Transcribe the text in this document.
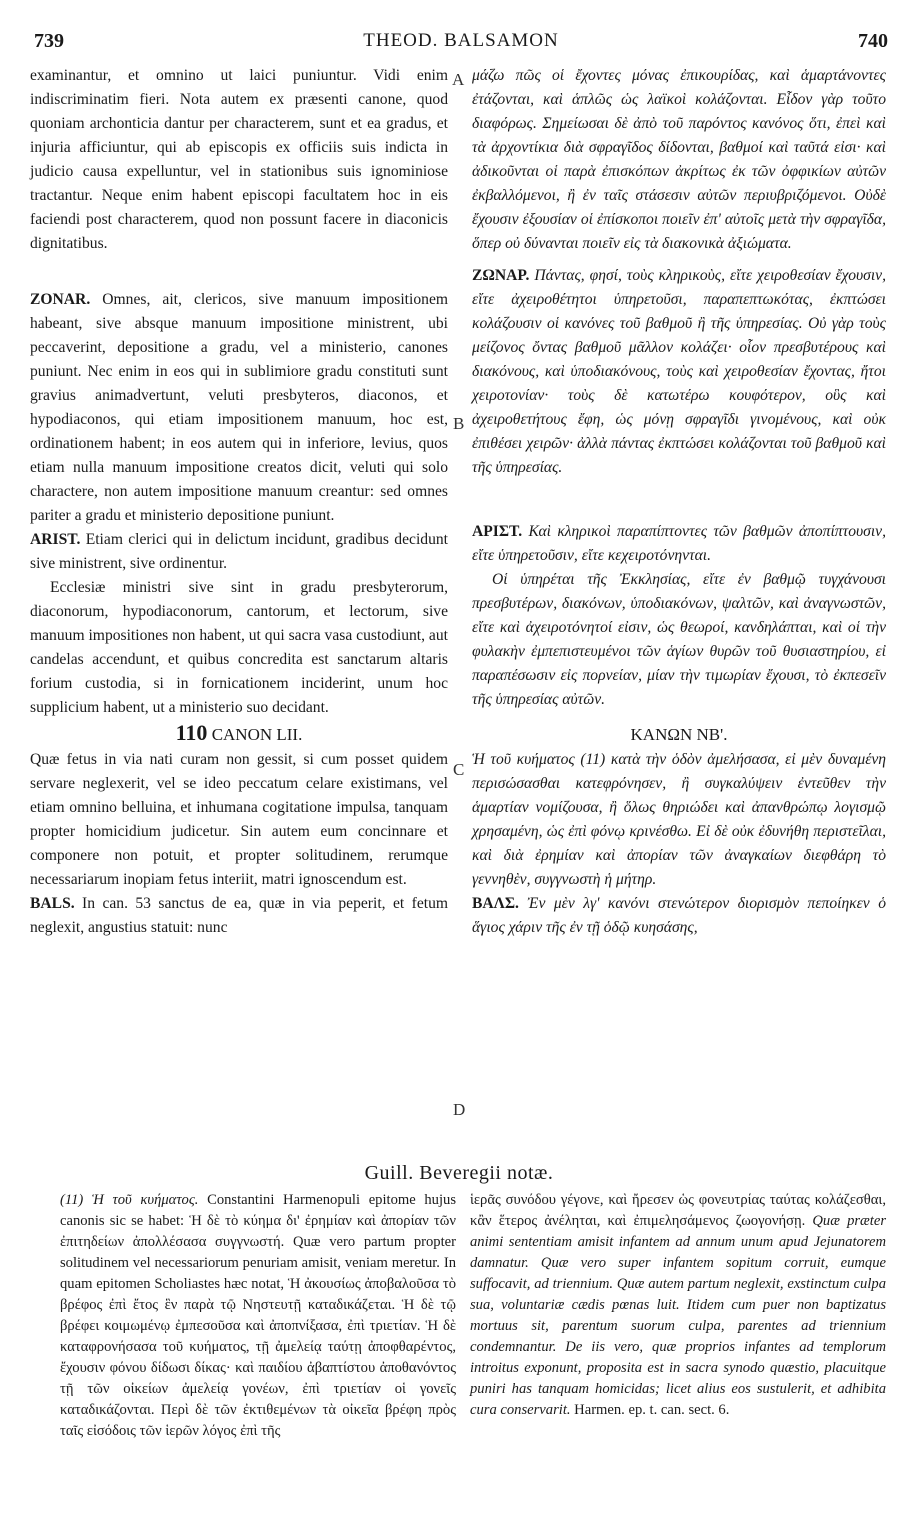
739	THEOD. BALSAMON	740
A
B
C
D

examinantur, et omnino ut laici puniuntur. Vidi enim indiscriminatim fieri. Nota autem ex præsenti canone, quod quoniam archonticia dantur per characterem, sunt et ea gradus, et injuria afficiuntur, qui ab episcopis ex officiis suis indicta in judicio causa expelluntur, vel in stationibus suis ignominiose tractantur. Neque enim habent episcopi facultatem hoc in eis faciendi post characterem, quod non possunt facere in diaconicis dignitatibus.

ZONAR. Omnes, ait, clericos, sive manuum impositionem habeant, sive absque manuum impositione ministrent, ubi peccaverint, depositione a gradu, vel a ministerio, canones puniunt. Nec enim in eos qui in sublimiore gradu constituti sunt gravius animadvertunt, veluti presbyteros, diaconos, et hypodiaconos, qui etiam impositionem manuum, hoc est, ordinationem habent; in eos autem qui in inferiore, levius, quos etiam nulla manuum impositione creatos dicit, veluti qui solo charactere, non autem impositione manuum creantur: sed omnes pariter a gradu et ministerio depositione puniunt.

ARIST. Etiam clerici qui in delictum incidunt, gradibus decidunt sive ministrent, sive ordinentur.

Ecclesiæ ministri sive sint in gradu presbyterorum, diaconorum, hypodiaconorum, cantorum, et lectorum, sive manuum impositiones non habent, ut qui sacra vasa custodiunt, aut candelas accendunt, et quibus concredita est sanctarum altaris forium custodia, si in fornicationem inciderint, unum hoc supplicium habent, ut a ministerio suo decidant.

110 CANON LII.

Quæ fetus in via nati curam non gessit, si cum posset quidem servare neglexerit, vel se ideo peccatum celare existimans, vel etiam omnino belluina, et inhumana cogitatione impulsa, tanquam propter homicidium judicetur. Sin autem eum concinnare et componere non potuit, et propter solitudinem, rerumque necessariarum inopiam fetus interiit, matri ignoscendum est.

BALS. In can. 53 sanctus de ea, quæ in via peperit, et fetum neglexit, angustius statuit: nunc

μάζω πῶς οἱ ἔχοντες μόνας ἐπικουρίδας, καὶ ἁμαρτάνοντες ἐτάζονται, καὶ ἁπλῶς ὡς λαϊκοὶ κολάζονται. Εἶδον γὰρ τοῦτο διαφόρως. Σημείωσαι δὲ ἀπὸ τοῦ παρόντος κανόνος ὅτι, ἐπεὶ καὶ τὰ ἀρχοντίκια διὰ σφραγῖδος δίδονται, βαθμοί καὶ ταῦτά εἰσι· καὶ ἀδικοῦνται οἱ παρὰ ἐπισκόπων ἀκρίτως ἐκ τῶν ὀφφικίων αὐτῶν ἐκβαλλόμενοι, ἢ ἐν ταῖς στάσεσιν αὐτῶν περιυβριζόμενοι. Οὐδὲ ἔχουσιν ἐξουσίαν οἱ ἐπίσκοποι ποιεῖν ἐπ' αὐτοῖς μετὰ τὴν σφραγῖδα, ὅπερ οὐ δύνανται ποιεῖν εἰς τὰ διακονικὰ ἀξιώματα.

ΖΩΝΑΡ. Πάντας, φησί, τοὺς κληρικοὺς, εἴτε χειροθεσίαν ἔχουσιν, εἴτε ἀχειροθέτητοι ὑπηρετοῦσι, παραπεπτωκότας, ἐκπτώσει κολάζουσιν οἱ κανόνες τοῦ βαθμοῦ ἢ τῆς ὑπηρεσίας. Οὐ γὰρ τοὺς μείζονος ὄντας βαθμοῦ μᾶλλον κολάζει· οἷον πρεσβυτέρους καὶ διακόνους, καὶ ὑποδιακόνους, τοὺς καὶ χειροθεσίαν ἔχοντας, ἤτοι χειροτονίαν· τοὺς δὲ κατωτέρω κουφότερον, οὓς καὶ ἀχειροθετήτους ἔφη, ὡς μόνῃ σφραγῖδι γινομένους, καὶ οὐκ ἐπιθέσει χειρῶν· ἀλλὰ πάντας ἐκπτώσει κολάζονται τοῦ βαθμοῦ καὶ τῆς ὑπηρεσίας.

ΑΡΙΣΤ. Καὶ κληρικοὶ παραπίπτοντες τῶν βαθμῶν ἀποπίπτουσιν, εἴτε ὑπηρετοῦσιν, εἴτε κεχειροτόνηνται.

Οἱ ὑπηρέται τῆς Ἐκκλησίας, εἴτε ἐν βαθμῷ τυγχάνουσι πρεσβυτέρων, διακόνων, ὑποδιακόνων, ψαλτῶν, καὶ ἀναγνωστῶν, εἴτε καὶ ἀχειροτόνητοί εἰσιν, ὡς θεωροί, κανδηλάπται, καὶ οἱ τὴν φυλακὴν ἐμπεπιστευμένοι τῶν ἁγίων θυρῶν τοῦ θυσιαστηρίου, εἰ παραπέσωσιν εἰς πορνείαν, μίαν τὴν τιμωρίαν ἔχουσι, τὸ ἐκπεσεῖν τῆς ὑπηρεσίας αὐτῶν.

ΚΑΝΩΝ ΝΒ'.

Ἡ τοῦ κυήματος (11) κατὰ τὴν ὁδὸν ἀμελήσασα, εἰ μὲν δυναμένη περισώσασθαι κατεφρόνησεν, ἢ συγκαλύψειν ἐντεῦθεν τὴν ἁμαρτίαν νομίζουσα, ἢ ὅλως θηριώδει καὶ ἀπανθρώπῳ λογισμῷ χρησαμένη, ὡς ἐπὶ φόνῳ κρινέσθω. Εἰ δὲ οὐκ ἐδυνήθη περιστεῖλαι, καὶ διὰ ἐρημίαν καὶ ἀπορίαν τῶν ἀναγκαίων διεφθάρη τὸ γεννηθὲν, συγγνωστὴ ἡ μήτηρ.

ΒΑΛΣ. Ἐν μὲν λγ' κανόνι στενώτερον διορισμὸν πεποίηκεν ὁ ἅγιος χάριν τῆς ἐν τῇ ὁδῷ κυησάσης,

Guill. Beveregii notæ.

(11) Ἡ τοῦ κυήματος. Constantini Harmenopuli epitome hujus canonis sic se habet: Ἡ δὲ τὸ κύημα δι' ἐρημίαν καὶ ἀπορίαν τῶν ἐπιτηδείων ἀπολλέσασα συγγνωστή. Quæ vero partum propter solitudinem vel necessariorum penuriam amisit, veniam meretur. In quam epitomen Scholiastes hæc notat, Ἡ ἀκουσίως ἀποβαλοῦσα τὸ βρέφος ἐπὶ ἔτος ἓν παρὰ τῷ Νηστευτῇ καταδικάζεται. Ἡ δὲ τῷ βρέφει κοιμωμένῳ ἐμπεσοῦσα καὶ ἀποπνίξασα, ἐπὶ τριετίαν. Ἡ δὲ καταφρονήσασα τοῦ κυήματος, τῇ ἀμελείᾳ ταύτῃ ἀποφθαρέντος, ἔχουσιν φόνου δίδωσι δίκας· καὶ παιδίου ἀβαπτίστου ἀποθανόντος τῇ τῶν οἰκείων ἀμελείᾳ γονέων, ἐπὶ τριετίαν οἱ γονεῖς καταδικάζονται. Περὶ δὲ τῶν ἐκτιθεμένων τὰ οἰκεῖα βρέφη πρὸς ταῖς εἰσόδοις τῶν ἱερῶν λόγος ἐπὶ τῆς

ἱερᾶς συνόδου γέγονε, καὶ ἤρεσεν ὡς φονευτρίας ταύτας κολάζεσθαι, κἂν ἕτερος ἀνέληται, καὶ ἐπιμελησάμενος ζωογονήσῃ. Quæ præter animi sententiam amisit infantem ad annum unum apud Jejunatorem damnatur. Quæ vero super infantem sopitum corruit, eumque suffocavit, ad triennium. Quæ autem partum neglexit, exstinctum culpa sua, voluntariæ cædis pœnas luit. Itidem cum puer non baptizatus mortuus sit, parentum suorum culpa, parentes ad triennium condemnantur. De iis vero, quæ proprios infantes ad templorum introitus exponunt, proposita est in sacra synodo quæstio, placuitque puniri has tanquam homicidas; licet alius eos sustulerit, et adhibita cura conservarit. Harmen. ep. t. can. sect. 6.
